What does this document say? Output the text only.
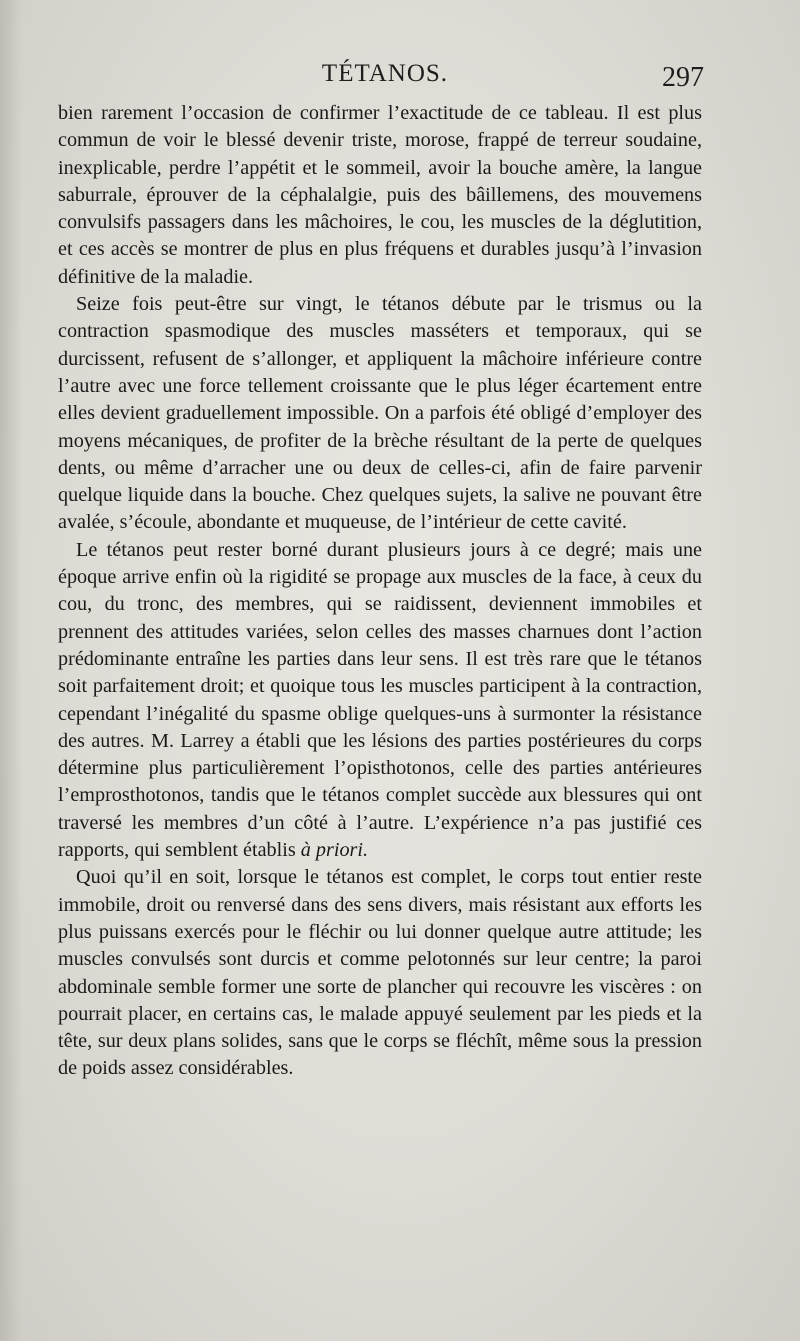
TÉTANOS.	297

bien rarement l’occasion de confirmer l’exactitude de ce tableau. Il est plus commun de voir le blessé devenir triste, morose, frappé de terreur soudaine, inexplicable, perdre l’appétit et le sommeil, avoir la bouche amère, la langue saburrale, éprouver de la céphalalgie, puis des bâillemens, des mouvemens convulsifs passagers dans les mâchoires, le cou, les muscles de la déglutition, et ces accès se montrer de plus en plus fréquens et durables jusqu’à l’invasion définitive de la maladie.

Seize fois peut-être sur vingt, le tétanos débute par le trismus ou la contraction spasmodique des muscles masséters et temporaux, qui se durcissent, refusent de s’allonger, et appliquent la mâchoire inférieure contre l’autre avec une force tellement croissante que le plus léger écartement entre elles devient graduellement impossible. On a parfois été obligé d’employer des moyens mécaniques, de profiter de la brèche résultant de la perte de quelques dents, ou même d’arracher une ou deux de celles-ci, afin de faire parvenir quelque liquide dans la bouche. Chez quelques sujets, la salive ne pouvant être avalée, s’écoule, abondante et muqueuse, de l’intérieur de cette cavité.

Le tétanos peut rester borné durant plusieurs jours à ce degré; mais une époque arrive enfin où la rigidité se propage aux muscles de la face, à ceux du cou, du tronc, des membres, qui se raidissent, deviennent immobiles et prennent des attitudes variées, selon celles des masses charnues dont l’action prédominante entraîne les parties dans leur sens. Il est très rare que le tétanos soit parfaitement droit; et quoique tous les muscles participent à la contraction, cependant l’inégalité du spasme oblige quelques-uns à surmonter la résistance des autres. M. Larrey a établi que les lésions des parties postérieures du corps détermine plus particulièrement l’opisthotonos, celle des parties antérieures l’emprosthotonos, tandis que le tétanos complet succède aux blessures qui ont traversé les membres d’un côté à l’autre. L’expérience n’a pas justifié ces rapports, qui semblent établis à priori.

Quoi qu’il en soit, lorsque le tétanos est complet, le corps tout entier reste immobile, droit ou renversé dans des sens divers, mais résistant aux efforts les plus puissans exercés pour le fléchir ou lui donner quelque autre attitude; les muscles convulsés sont durcis et comme pelotonnés sur leur centre; la paroi abdominale semble former une sorte de plancher qui recouvre les viscères : on pourrait placer, en certains cas, le malade appuyé seulement par les pieds et la tête, sur deux plans solides, sans que le corps se fléchît, même sous la pression de poids assez considérables.
